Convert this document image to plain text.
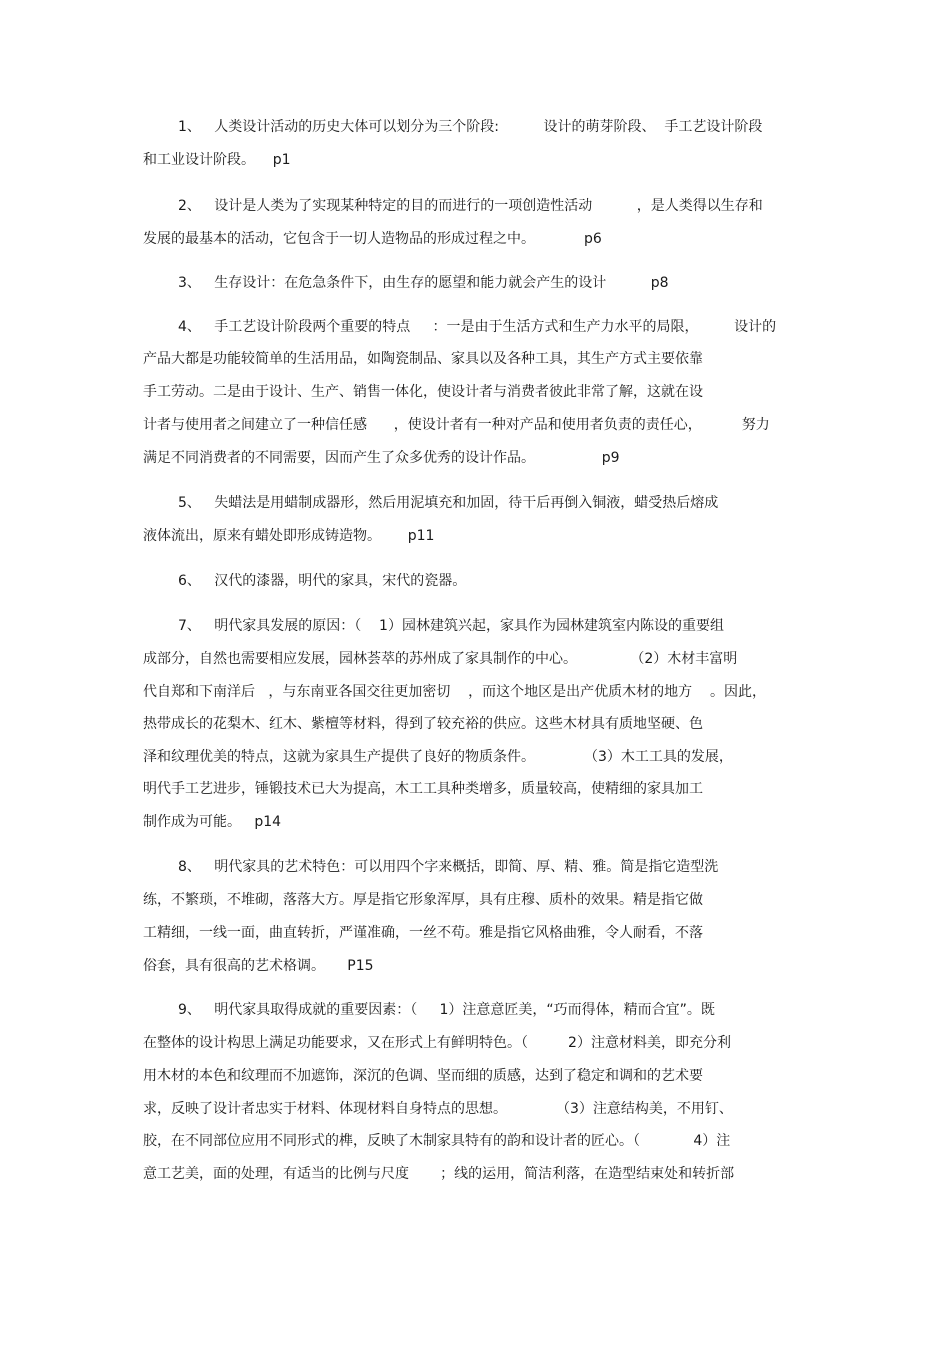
1、   人类设计活动的历史大体可以划分为三个阶段:          设计的萌芽阶段、  手工艺设计阶段
和工业设计阶段。    p1
2、   设计是人类为了实现某种特定的目的而进行的一项创造性活动          ，是人类得以生存和
发展的最基本的活动，它包含于一切人造物品的形成过程之中。           p6
3、   生存设计：在危急条件下，由生存的愿望和能力就会产生的设计          p8
4、   手工艺设计阶段两个重要的特点     ：一是由于生活方式和生产力水平的局限，        设计的
产品大都是功能较简单的生活用品，如陶瓷制品、家具以及各种工具，其生产方式主要依靠
手工劳动。二是由于设计、生产、销售一体化，使设计者与消费者彼此非常了解，这就在设
计者与使用者之间建立了一种信任感      ，使设计者有一种对产品和使用者负责的责任心，         努力
满足不同消费者的不同需要，因而产生了众多优秀的设计作品。               p9
5、   失蜡法是用蜡制成器形，然后用泥填充和加固，待干后再倒入铜液，蜡受热后熔成
液体流出，原来有蜡处即形成铸造物。      p11
6、   汉代的漆器，明代的家具，宋代的瓷器。
7、   明代家具发展的原因：（    1）园林建筑兴起，家具作为园林建筑室内陈设的重要组
成部分，自然也需要相应发展，园林荟萃的苏州成了家具制作的中心。            （2）木材丰富明
代自郑和下南洋后   ，与东南亚各国交往更加密切    ，而这个地区是出产优质木材的地方    。因此，
热带成长的花梨木、红木、紫檀等材料，得到了较充裕的供应。这些木材具有质地坚硬、色
泽和纹理优美的特点，这就为家具生产提供了良好的物质条件。           （3）木工工具的发展，
明代手工艺进步，锤锻技术已大为提高，木工工具种类增多，质量较高，使精细的家具加工
制作成为可能。   p14
8、   明代家具的艺术特色：可以用四个字来概括，即简、厚、精、雅。简是指它造型洗
练，不繁琐，不堆砌，落落大方。厚是指它形象浑厚，具有庄穆、质朴的效果。精是指它做
工精细，一线一面，曲直转折，严谨准确，一丝不苟。雅是指它风格曲雅，令人耐看，不落
俗套，具有很高的艺术格调。     P15
9、   明代家具取得成就的重要因素：（     1）注意意匠美，“巧而得体，精而合宜”。既
在整体的设计构思上满足功能要求，又在形式上有鲜明特色。（         2）注意材料美，即充分利
用木材的本色和纹理而不加遮饰，深沉的色调、坚而细的质感，达到了稳定和调和的艺术要
求，反映了设计者忠实于材料、体现材料自身特点的思想。           （3）注意结构美，不用钉、
胶，在不同部位应用不同形式的榫，反映了木制家具特有的韵和设计者的匠心。（            4）注
意工艺美，面的处理，有适当的比例与尺度       ；线的运用，简洁利落，在造型结束处和转折部
